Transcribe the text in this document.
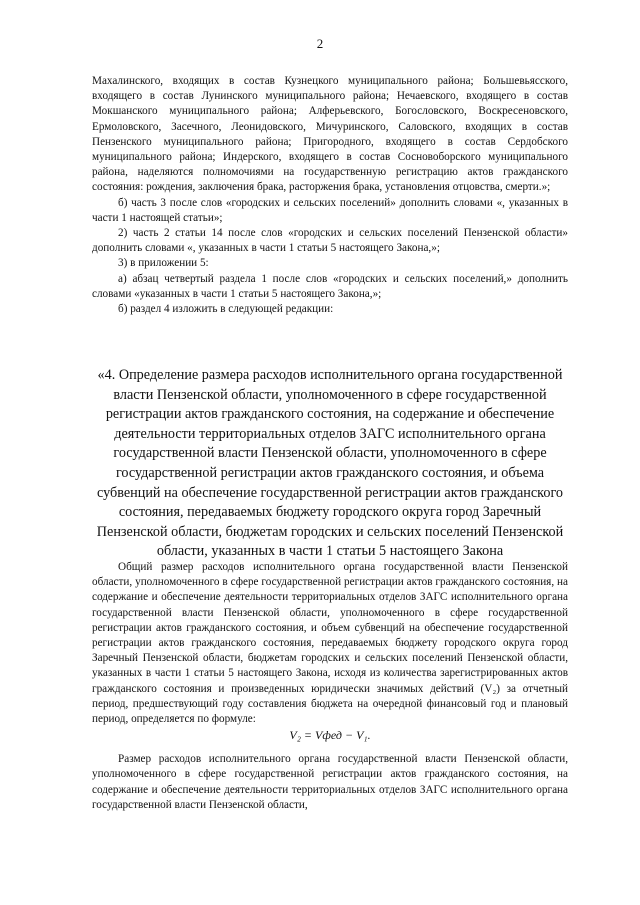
2

Махалинского, входящих в состав Кузнецкого муниципального района; Большевьясского, входящего в состав Лунинского муниципального района; Нечаевского, входящего в состав Мокшанского муниципального района; Алферьевского, Богословского, Воскресеновского, Ермоловского, Засечного, Леонидовского, Мичуринского, Саловского, входящих в состав Пензенского муниципального района; Пригородного, входящего в состав Сердобского муниципального района; Индерского, входящего в состав Сосновоборского муниципального района, наделяются полномочиями на государственную регистрацию актов гражданского состояния: рождения, заключения брака, расторжения брака, установления отцовства, смерти.»;

б) часть 3 после слов «городских и сельских поселений» дополнить словами «, указанных в части 1 настоящей статьи»;

2) часть 2 статьи 14 после слов «городских и сельских поселений Пензенской области» дополнить словами «, указанных в части 1 статьи 5 настоящего Закона,»;

3) в приложении 5:

а) абзац четвертый раздела 1 после слов «городских и сельских поселений,» дополнить словами «указанных в части 1 статьи 5 настоящего Закона,»;

б) раздел 4 изложить в следующей редакции:

«4. Определение размера расходов исполнительного органа государственной власти Пензенской области, уполномоченного в сфере государственной регистрации актов гражданского состояния, на содержание и обеспечение деятельности территориальных отделов ЗАГС исполнительного органа государственной власти Пензенской области, уполномоченного в сфере государственной регистрации актов гражданского состояния, и объема субвенций на обеспечение государственной регистрации актов гражданского состояния, передаваемых бюджету городского округа город Заречный Пензенской области, бюджетам городских и сельских поселений Пензенской области, указанных в части 1 статьи 5 настоящего Закона

Общий размер расходов исполнительного органа государственной власти Пензенской области, уполномоченного в сфере государственной регистрации актов гражданского состояния, на содержание и обеспечение деятельности территориальных отделов ЗАГС исполнительного органа государственной власти Пензенской области, уполномоченного в сфере государственной регистрации актов гражданского состояния, и объем субвенций на обеспечение государственной регистрации актов гражданского состояния, передаваемых бюджету городского округа город Заречный Пензенской области, бюджетам городских и сельских поселений Пензенской области, указанных в части 1 статьи 5 настоящего Закона, исходя из количества зарегистрированных актов гражданского состояния и произведенных юридически значимых действий (V₂) за отчетный период, предшествующий году составления бюджета на очередной финансовый год и плановый период, определяется по формуле:

V₂ = Vфед − V₁.

Размер расходов исполнительного органа государственной власти Пензенской области, уполномоченного в сфере государственной регистрации актов гражданского состояния, на содержание и обеспечение деятельности территориальных отделов ЗАГС исполнительного органа государственной власти Пензенской области,
